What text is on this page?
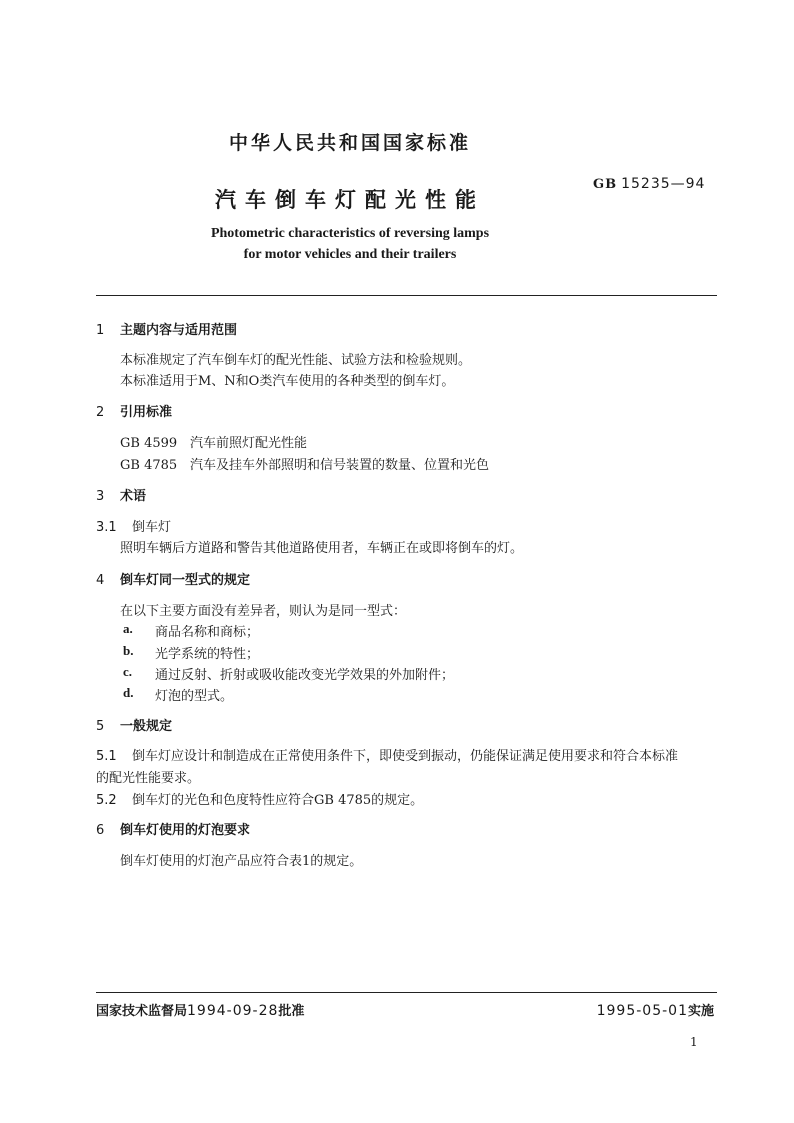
中华人民共和国国家标准
GB 15235—94
汽车倒车灯配光性能
Photometric characteristics of reversing lamps
for motor vehicles and their trailers
1 主题内容与适用范围
本标准规定了汽车倒车灯的配光性能、试验方法和检验规则。
本标准适用于M、N和O类汽车使用的各种类型的倒车灯。
2 引用标准
GB 4599 汽车前照灯配光性能
GB 4785 汽车及挂车外部照明和信号装置的数量、位置和光色
3 术语
3.1 倒车灯
照明车辆后方道路和警告其他道路使用者，车辆正在或即将倒车的灯。
4 倒车灯同一型式的规定
在以下主要方面没有差异者，则认为是同一型式：
a. 商品名称和商标；
b. 光学系统的特性；
c. 通过反射、折射或吸收能改变光学效果的外加附件；
d. 灯泡的型式。
5 一般规定
5.1 倒车灯应设计和制造成在正常使用条件下，即使受到振动，仍能保证满足使用要求和符合本标准
的配光性能要求。
5.2 倒车灯的光色和色度特性应符合GB 4785的规定。
6 倒车灯使用的灯泡要求
倒车灯使用的灯泡产品应符合表1的规定。
国家技术监督局1994-09-28批准	1995-05-01实施
1
